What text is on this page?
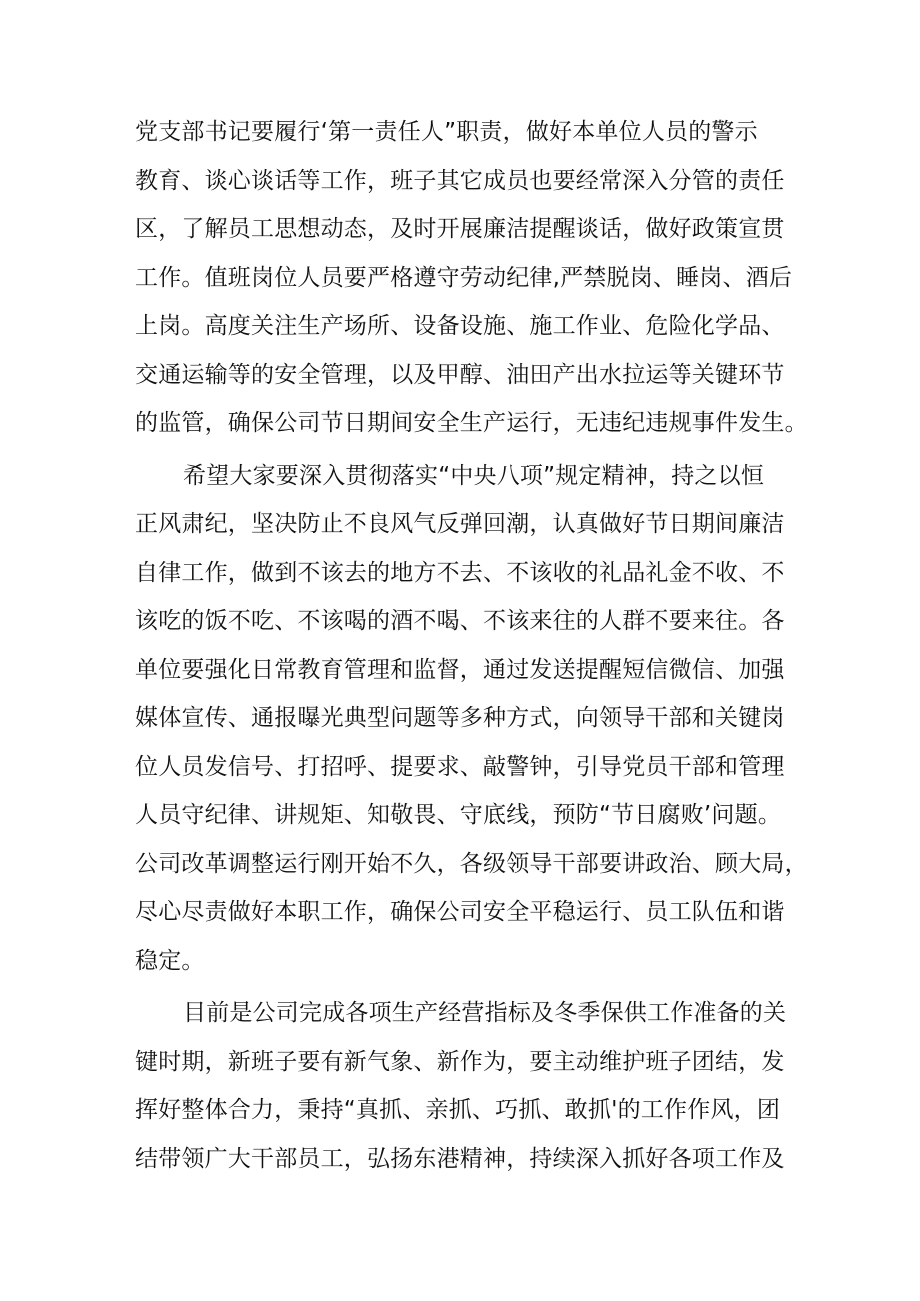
党支部书记要履行‘第一责任人”职责，做好本单位人员的警示
教育、谈心谈话等工作，班子其它成员也要经常深入分管的责任
区，了解员工思想动态，及时开展廉洁提醒谈话，做好政策宣贯
工作。值班岗位人员要严格遵守劳动纪律,严禁脱岗、睡岗、酒后
上岗。高度关注生产场所、设备设施、施工作业、危险化学品、
交通运输等的安全管理，以及甲醇、油田产出水拉运等关键环节
的监管，确保公司节日期间安全生产运行，无违纪违规事件发生。
希望大家要深入贯彻落实“中央八项”规定精神，持之以恒
正风肃纪，坚决防止不良风气反弹回潮，认真做好节日期间廉洁
自律工作，做到不该去的地方不去、不该收的礼品礼金不收、不
该吃的饭不吃、不该喝的酒不喝、不该来往的人群不要来往。各
单位要强化日常教育管理和监督，通过发送提醒短信微信、加强
媒体宣传、通报曝光典型问题等多种方式，向领导干部和关键岗
位人员发信号、打招呼、提要求、敲警钟，引导党员干部和管理
人员守纪律、讲规矩、知敬畏、守底线，预防“节日腐败’问题。
公司改革调整运行刚开始不久，各级领导干部要讲政治、顾大局，
尽心尽责做好本职工作，确保公司安全平稳运行、员工队伍和谐
稳定。
目前是公司完成各项生产经营指标及冬季保供工作准备的关
键时期，新班子要有新气象、新作为，要主动维护班子团结，发
挥好整体合力，秉持“真抓、亲抓、巧抓、敢抓'的工作作风，团
结带领广大干部员工，弘扬东港精神，持续深入抓好各项工作及
